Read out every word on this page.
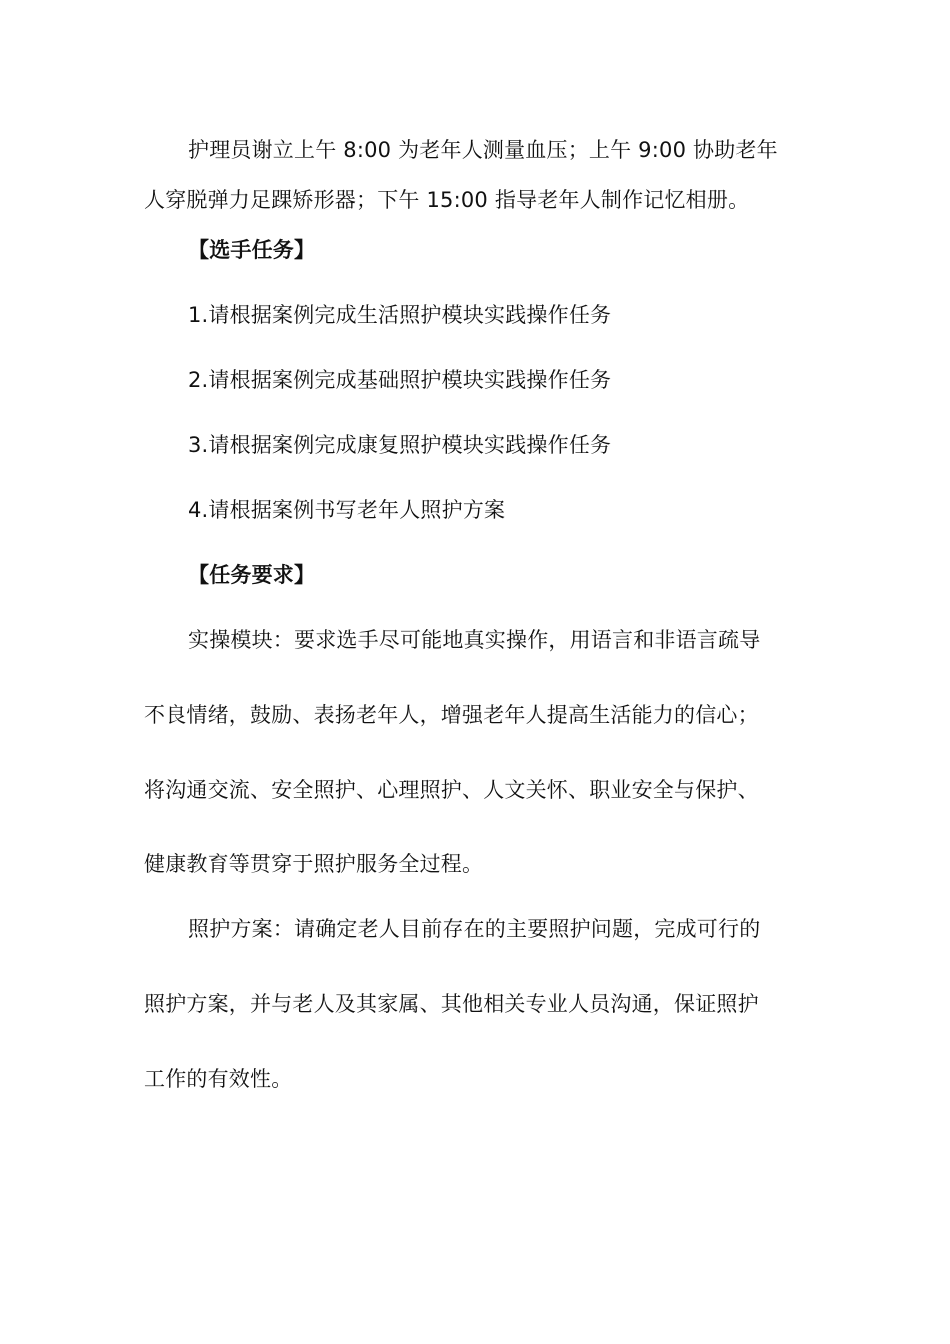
护理员谢立上午 8:00 为老年人测量血压；上午 9:00 协助老年
人穿脱弹力足踝矫形器；下午 15:00 指导老年人制作记忆相册。
【选手任务】
1.请根据案例完成生活照护模块实践操作任务
2.请根据案例完成基础照护模块实践操作任务
3.请根据案例完成康复照护模块实践操作任务
4.请根据案例书写老年人照护方案
【任务要求】
实操模块：要求选手尽可能地真实操作，用语言和非语言疏导
不良情绪，鼓励、表扬老年人，增强老年人提高生活能力的信心；
将沟通交流、安全照护、心理照护、人文关怀、职业安全与保护、
健康教育等贯穿于照护服务全过程。
照护方案：请确定老人目前存在的主要照护问题，完成可行的
照护方案，并与老人及其家属、其他相关专业人员沟通，保证照护
工作的有效性。
